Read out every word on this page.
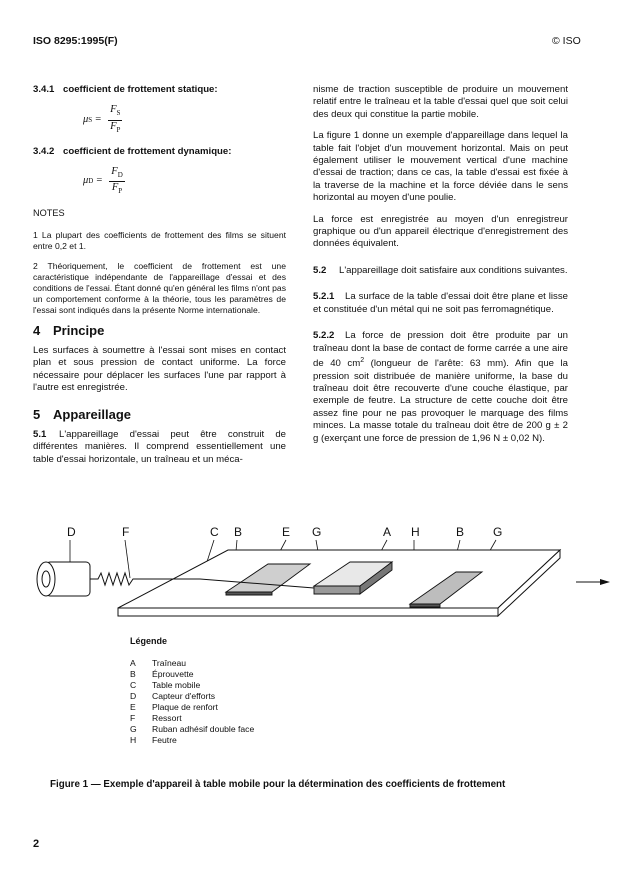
ISO 8295:1995(F)	© ISO
3.4.1 coefficient de frottement statique:
μ $S = \frac{F_S}{F_P}$
3.4.2 coefficient de frottement dynamique:
μ $D = \frac{F_D}{F_P}$
NOTES

1 La plupart des coefficients de frottement des films se situent entre 0,2 et 1.

2 Théoriquement, le coefficient de frottement est une caractéristique indépendante de l'appareillage d'essai et des conditions de l'essai. Étant donné qu'en général les films n'ont pas un comportement conforme à la théorie, tous les paramètres de l'essai sont indiqués dans la présente Norme internationale.

4 Principe

Les surfaces à soumettre à l'essai sont mises en contact plan et sous pression de contact uniforme. La force nécessaire pour déplacer les surfaces l'une par rapport à l'autre est enregistrée.

5 Appareillage

5.1 L'appareillage d'essai peut être construit de différentes manières. Il comprend essentiellement une table d'essai horizontale, un traîneau et un méca-

nisme de traction susceptible de produire un mouvement relatif entre le traîneau et la table d'essai quel que soit celui des deux qui constitue la partie mobile.

La figure 1 donne un exemple d'appareillage dans lequel la table fait l'objet d'un mouvement horizontal. Mais on peut également utiliser le mouvement vertical d'une machine d'essai de traction; dans ce cas, la table d'essai est fixée à la traverse de la machine et la force déviée dans le sens horizontal au moyen d'une poulie.

La force est enregistrée au moyen d'un enregistreur graphique ou d'un appareil électrique d'enregistrement des données équivalent.

5.2 L'appareillage doit satisfaire aux conditions suivantes.

5.2.1 La surface de la table d'essai doit être plane et lisse et constituée d'un métal qui ne soit pas ferromagnétique.

5.2.2 La force de pression doit être produite par un traîneau dont la base de contact de forme carrée a une aire de 40 $cm^2$ (longueur de l'arête: 63 mm). Afin que la pression soit distribuée de manière uniforme, la base du traîneau doit être recouverte d'une couche élastique, par exemple de feutre. La structure de cette couche doit être assez fine pour ne pas provoquer le marquage des films minces. La masse totale du traîneau doit être de 200 g ± 2 g (exerçant une force de pression de 1,96 N ± 0,02 N).

D	F	C B	E G	A H	B G
Légende
A	Traîneau
B	Éprouvette
C	Table mobile
D	Capteur d'efforts
E	Plaque de renfort
F	Ressort
G	Ruban adhésif double face
H	Feutre
Figure 1 — Exemple d'appareil à table mobile pour la détermination des coefficients de frottement
2
